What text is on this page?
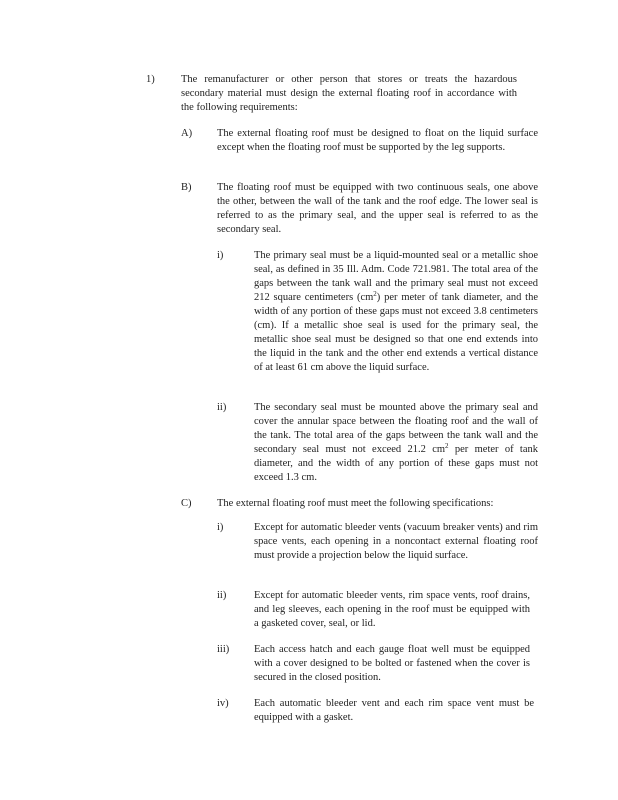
1)	The remanufacturer or other person that stores or treats the hazardous secondary material must design the external floating roof in accordance with the following requirements:

A) The external floating roof must be designed to float on the liquid surface except when the floating roof must be supported by the leg supports.

B) The floating roof must be equipped with two continuous seals, one above the other, between the wall of the tank and the roof edge. The lower seal is referred to as the primary seal, and the upper seal is referred to as the secondary seal.

i)	The primary seal must be a liquid-mounted seal or a metallic shoe seal, as defined in 35 Ill. Adm. Code 721.981. The total area of the gaps between the tank wall and the primary seal must not exceed 212 square centimeters $(cm^2)$ per meter of tank diameter, and the width of any portion of these gaps must not exceed 3.8 centimeters (cm). If a metallic shoe seal is used for the primary seal, the metallic shoe seal must be designed so that one end extends into the liquid in the tank and the other end extends a vertical distance of at least 61 cm above the liquid surface.

ii)	The secondary seal must be mounted above the primary seal and cover the annular space between the floating roof and the wall of the tank. The total area of the gaps between the tank wall and the secondary seal must not exceed 21.2 $cm^2$ per meter of tank diameter, and the width of any portion of these gaps must not exceed 1.3 cm.

C) The external floating roof must meet the following specifications:

i)	Except for automatic bleeder vents (vacuum breaker vents) and rim space vents, each opening in a noncontact external floating roof must provide a projection below the liquid surface.

ii)	Except for automatic bleeder vents, rim space vents, roof drains, and leg sleeves, each opening in the roof must be equipped with a gasketed cover, seal, or lid.

iii) Each access hatch and each gauge float well must be equipped with a cover designed to be bolted or fastened when the cover is secured in the closed position.

iv) Each automatic bleeder vent and each rim space vent must be equipped with a gasket.
